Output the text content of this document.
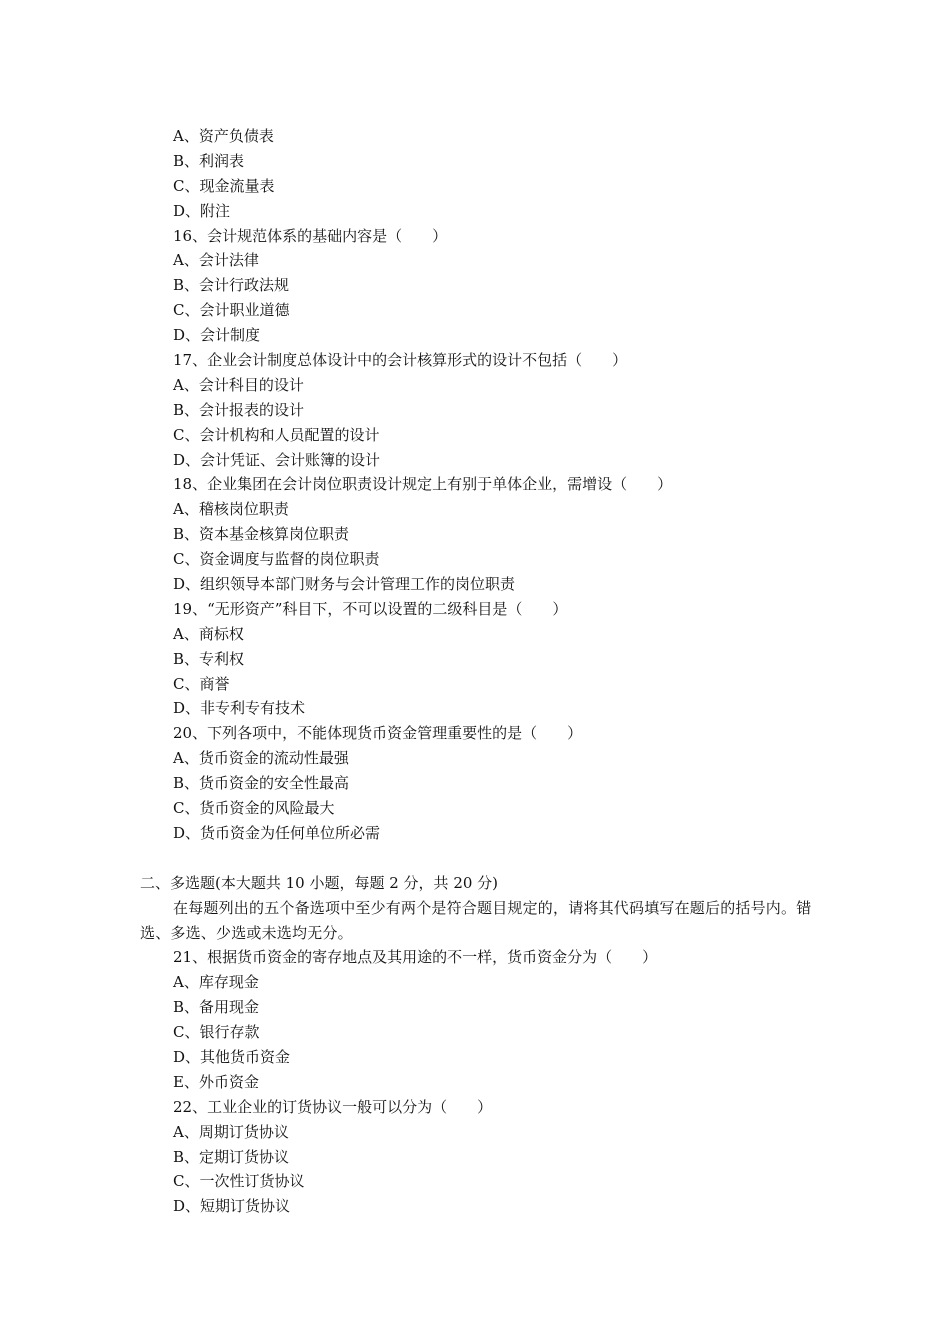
A、资产负债表
B、利润表
C、现金流量表
D、附注
16、会计规范体系的基础内容是（　　）
A、会计法律
B、会计行政法规
C、会计职业道德
D、会计制度
17、企业会计制度总体设计中的会计核算形式的设计不包括（　　）
A、会计科目的设计
B、会计报表的设计
C、会计机构和人员配置的设计
D、会计凭证、会计账簿的设计
18、企业集团在会计岗位职责设计规定上有别于单体企业，需增设（　　）
A、稽核岗位职责
B、资本基金核算岗位职责
C、资金调度与监督的岗位职责
D、组织领导本部门财务与会计管理工作的岗位职责
19、“无形资产”科目下，不可以设置的二级科目是（　　）
A、商标权
B、专利权
C、商誉
D、非专利专有技术
20、下列各项中，不能体现货币资金管理重要性的是（　　）
A、货币资金的流动性最强
B、货币资金的安全性最高
C、货币资金的风险最大
D、货币资金为任何单位所必需
二、多选题(本大题共 10 小题，每题 2 分，共 20 分)
在每题列出的五个备选项中至少有两个是符合题目规定的，请将其代码填写在题后的括号内。错选、多选、少选或未选均无分。
21、根据货币资金的寄存地点及其用途的不一样，货币资金分为（　　）
A、库存现金
B、备用现金
C、银行存款
D、其他货币资金
E、外币资金
22、工业企业的订货协议一般可以分为（　　）
A、周期订货协议
B、定期订货协议
C、一次性订货协议
D、短期订货协议
